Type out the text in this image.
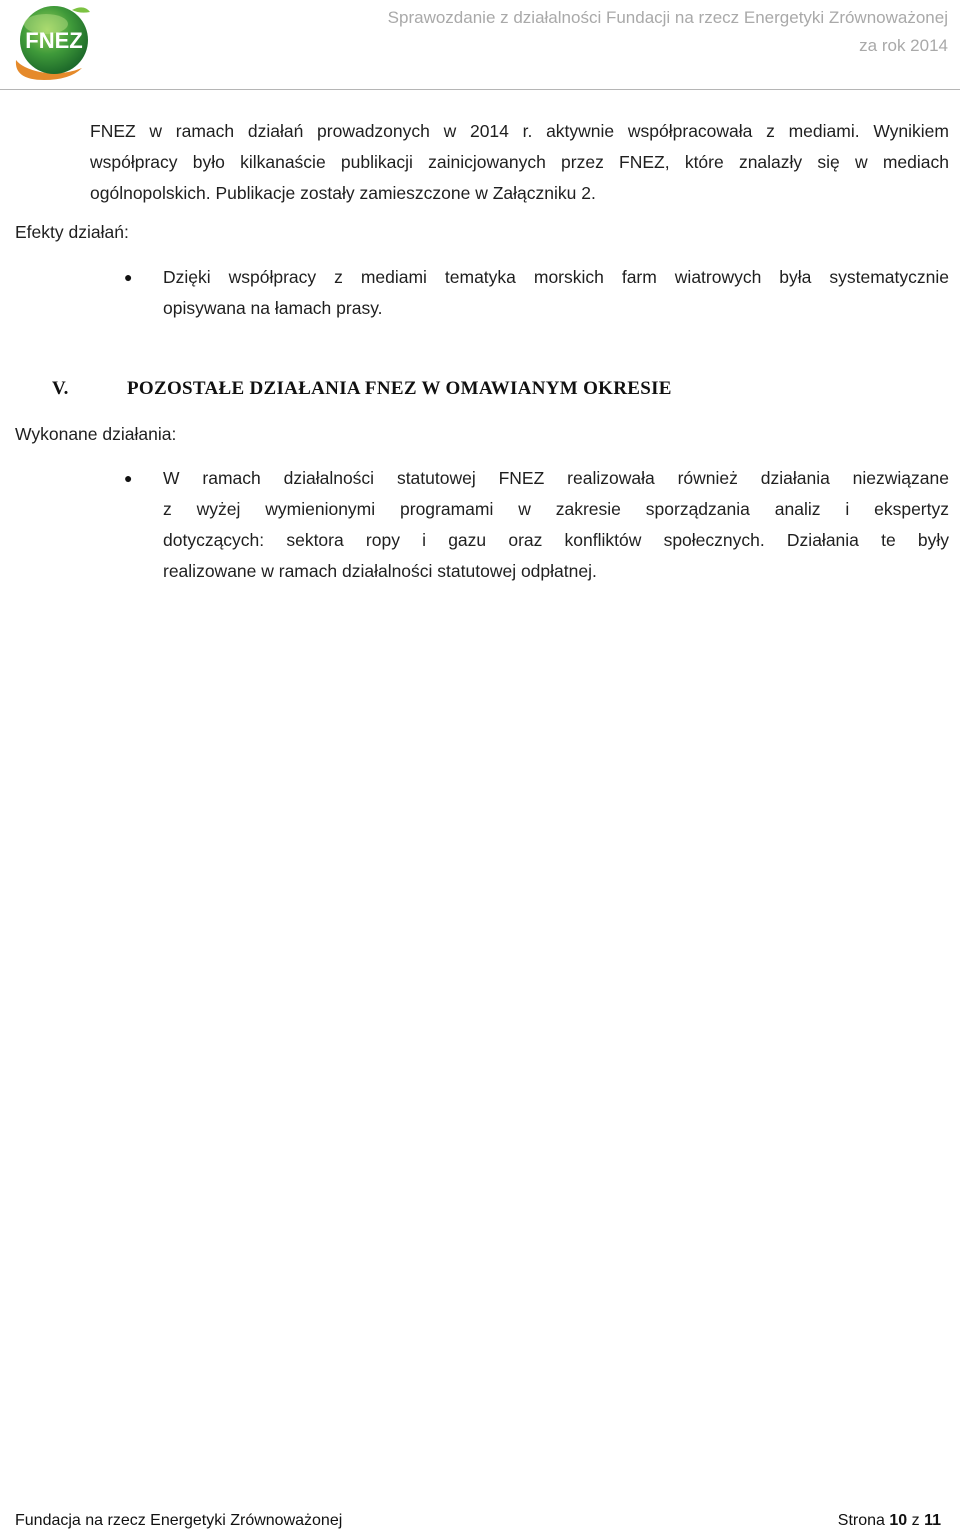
FNEZ
Sprawozdanie z działalności Fundacji na rzecz Energetyki Zrównoważonej
za rok 2014
FNEZ w ramach działań prowadzonych w 2014 r. aktywnie współpracowała z mediami. Wynikiem
współpracy było kilkanaście publikacji zainicjowanych przez FNEZ, które znalazły się w mediach
ogólnopolskich. Publikacje zostały zamieszczone w Załączniku 2.
Efekty działań:
● Dzięki współpracy z mediami tematyka morskich farm wiatrowych była systematycznie
opisywana na łamach prasy.
V.	POZOSTAŁE DZIAŁANIA FNEZ W OMAWIANYM OKRESIE
Wykonane działania:
● W ramach działalności statutowej FNEZ realizowała również działania niezwiązane
z wyżej wymienionymi programami w zakresie sporządzania analiz i ekspertyz
dotyczących: sektora ropy i gazu oraz konfliktów społecznych. Działania te były
realizowane w ramach działalności statutowej odpłatnej.
Fundacja na rzecz Energetyki Zrównoważonej	Strona 10 z 11
